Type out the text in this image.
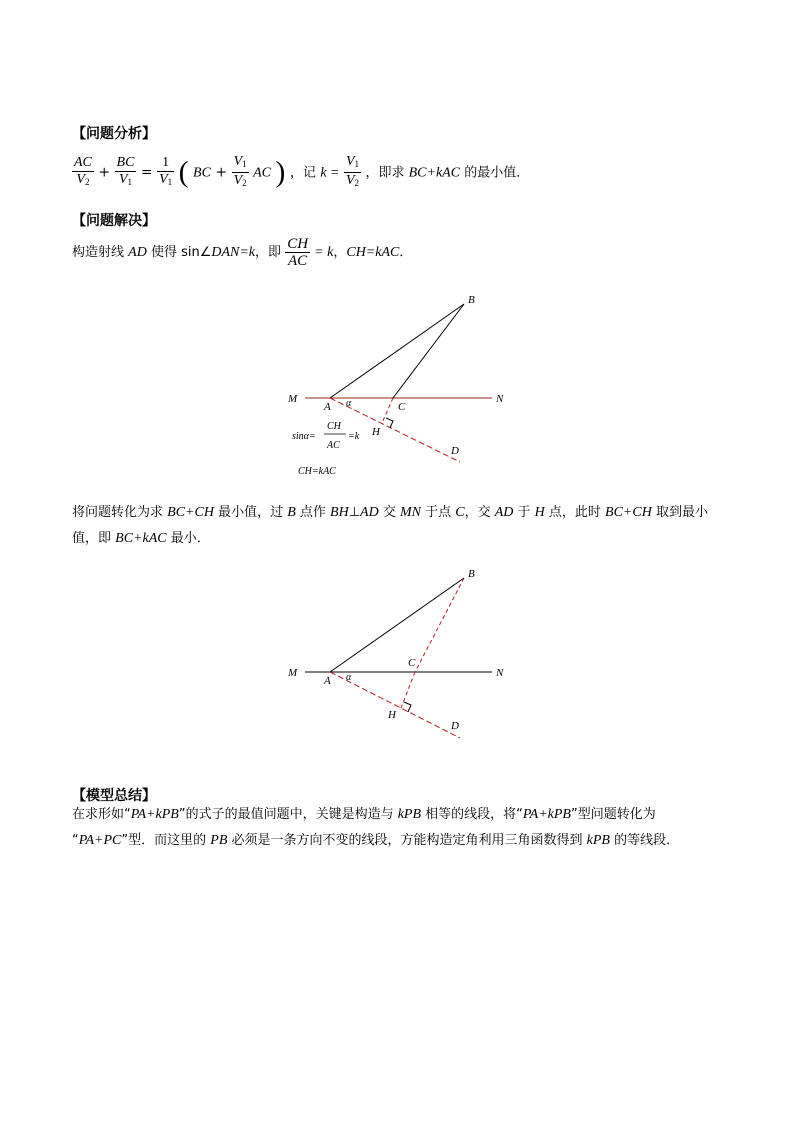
【问题分析】
$\frac{AC}{V_2} + \frac{BC}{V_1} = \frac{1}{V_1}$ ( BC + $\frac{V_1}{V_2}$ AC ) ，记 $k = \frac{V_1}{V_2}$ ，即求 BC+kAC 的最小值．
【问题解决】
构造射线 AD 使得 sin∠DAN=k，即 $\frac{CH}{AC} = k$，CH=kAC．
B
M	N
A α	C
H
D
sinα=
CH
AC
=k
CH=kAC
将问题转化为求 BC+CH 最小值，过 B 点作 BH⊥AD 交 MN 于点 C，交 AD 于 H 点，此时 BC+CH 取到最小
值，即 BC+kAC 最小．
B
M	N
A α
C
H
D
【模型总结】
在求形如“PA+kPB”的式子的最值问题中，关键是构造与 kPB 相等的线段，将“PA+kPB”型问题转化为
“PA+PC”型．而这里的 PB 必须是一条方向不变的线段，方能构造定角利用三角函数得到 kPB 的等线段．
